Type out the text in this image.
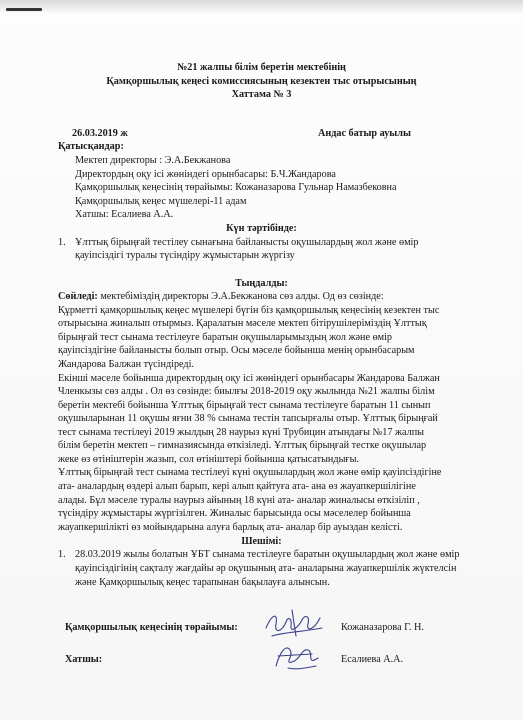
№21 жалпы білім беретін мектебінің
Қамқоршылық кеңесі комиссиясының кезектен тыс отырысының
Хаттама № 3
26.03.2019 ж	Андас батыр ауылы
Қатысқандар:
Мектеп директоры : Э.А.Бекжанова
Директордың оқу ісі жөніндегі орынбасары: Б.Ч.Жандарова
Қамқоршылық кеңесінің төрайымы: Кожаназарова Гульнар Намазбековна
Қамқоршылық кеңес мүшелері-11 адам
Хатшы: Есалиева А.А.
Күн тәртібінде:
1. Ұлттық бірыңғай тестілеу сынағына байланысты оқушылардың жол және өмір
қауіпсіздігі туралы түсіндіру жұмыстарын жүргізу
Тыңдалды:
Сөйледі: мектебіміздің директоры Э.А.Бекжанова сөз алды. Од өз сөзінде:
Құрметті қамқоршылық кеңес мүшелері бүгін біз қамқоршылық кеңесінің кезектен тыс
отырысына жиналып отырмыз. Қаралатын мәселе мектеп бітірушілеріміздің Ұлттық
бірыңғай тест сынама тестілеуге баратын оқушыларымыздың жол және өмір
қауіпсіздігіне байланысты болып отыр. Осы мәселе бойынша менің орынбасарым
Жандарова Балжан түсіндіреді.
Екінші мәселе бойынша директордың оқу ісі жөніндегі орынбасары Жандарова Балжан
Членкызы сөз алды . Ол өз сөзінде: биылғы 2018-2019 оқу жылында №21 жалпы білім
беретін мектебі бойынша Ұлттық бірыңғай тест сынама тестілеуге баратын 11 сынып
оқушыларынан 11 оқушы яғни 38 % сынама тестін тапсырғалы отыр. Ұлттық бірыңғай
тест сынама тестілеуі 2019 жылдың 28 наурыз күні Трубицин атындағы №17 жалпы
білім беретін мектеп – гимназиясында өткізіледі. Ұлттық бірыңғай тестке оқушылар
жеке өз өтініштерін жазып, сол өтініштері бойынша қатысатындығы.
Ұлттық бірыңғай тест сынама тестілеуі күні оқушылардың жол және өмір қауіпсіздігіне
ата- аналардың өздері алып барып, кері алып қайтуға ата- ана өз жауапкершілігіне
алады. Бұл мәселе туралы наурыз айының 18 күні ата- аналар жиналысы өткізіліп ,
түсіндіру жұмыстары жүргізілген. Жиналыс барысында осы мәселелер бойынша
жауапкершілікті өз мойындарына алуға барлық ата- аналар бір ауыздан келісті.
Шешімі:
1. 28.03.2019 жылы болатын ҰБТ сынама тестілеуге баратын оқушылардың жол және өмір
қауіпсіздігінің сақталу жағдайы әр оқушының ата- аналарына жауапкершілік жүктелсін
және Қамқоршылық кеңес тарапынан бақылауға алынсын.
Қамқоршылық кеңесінің төрайымы:	Кожаназарова Г. Н.
Хатшы:	Есалиева А.А.
